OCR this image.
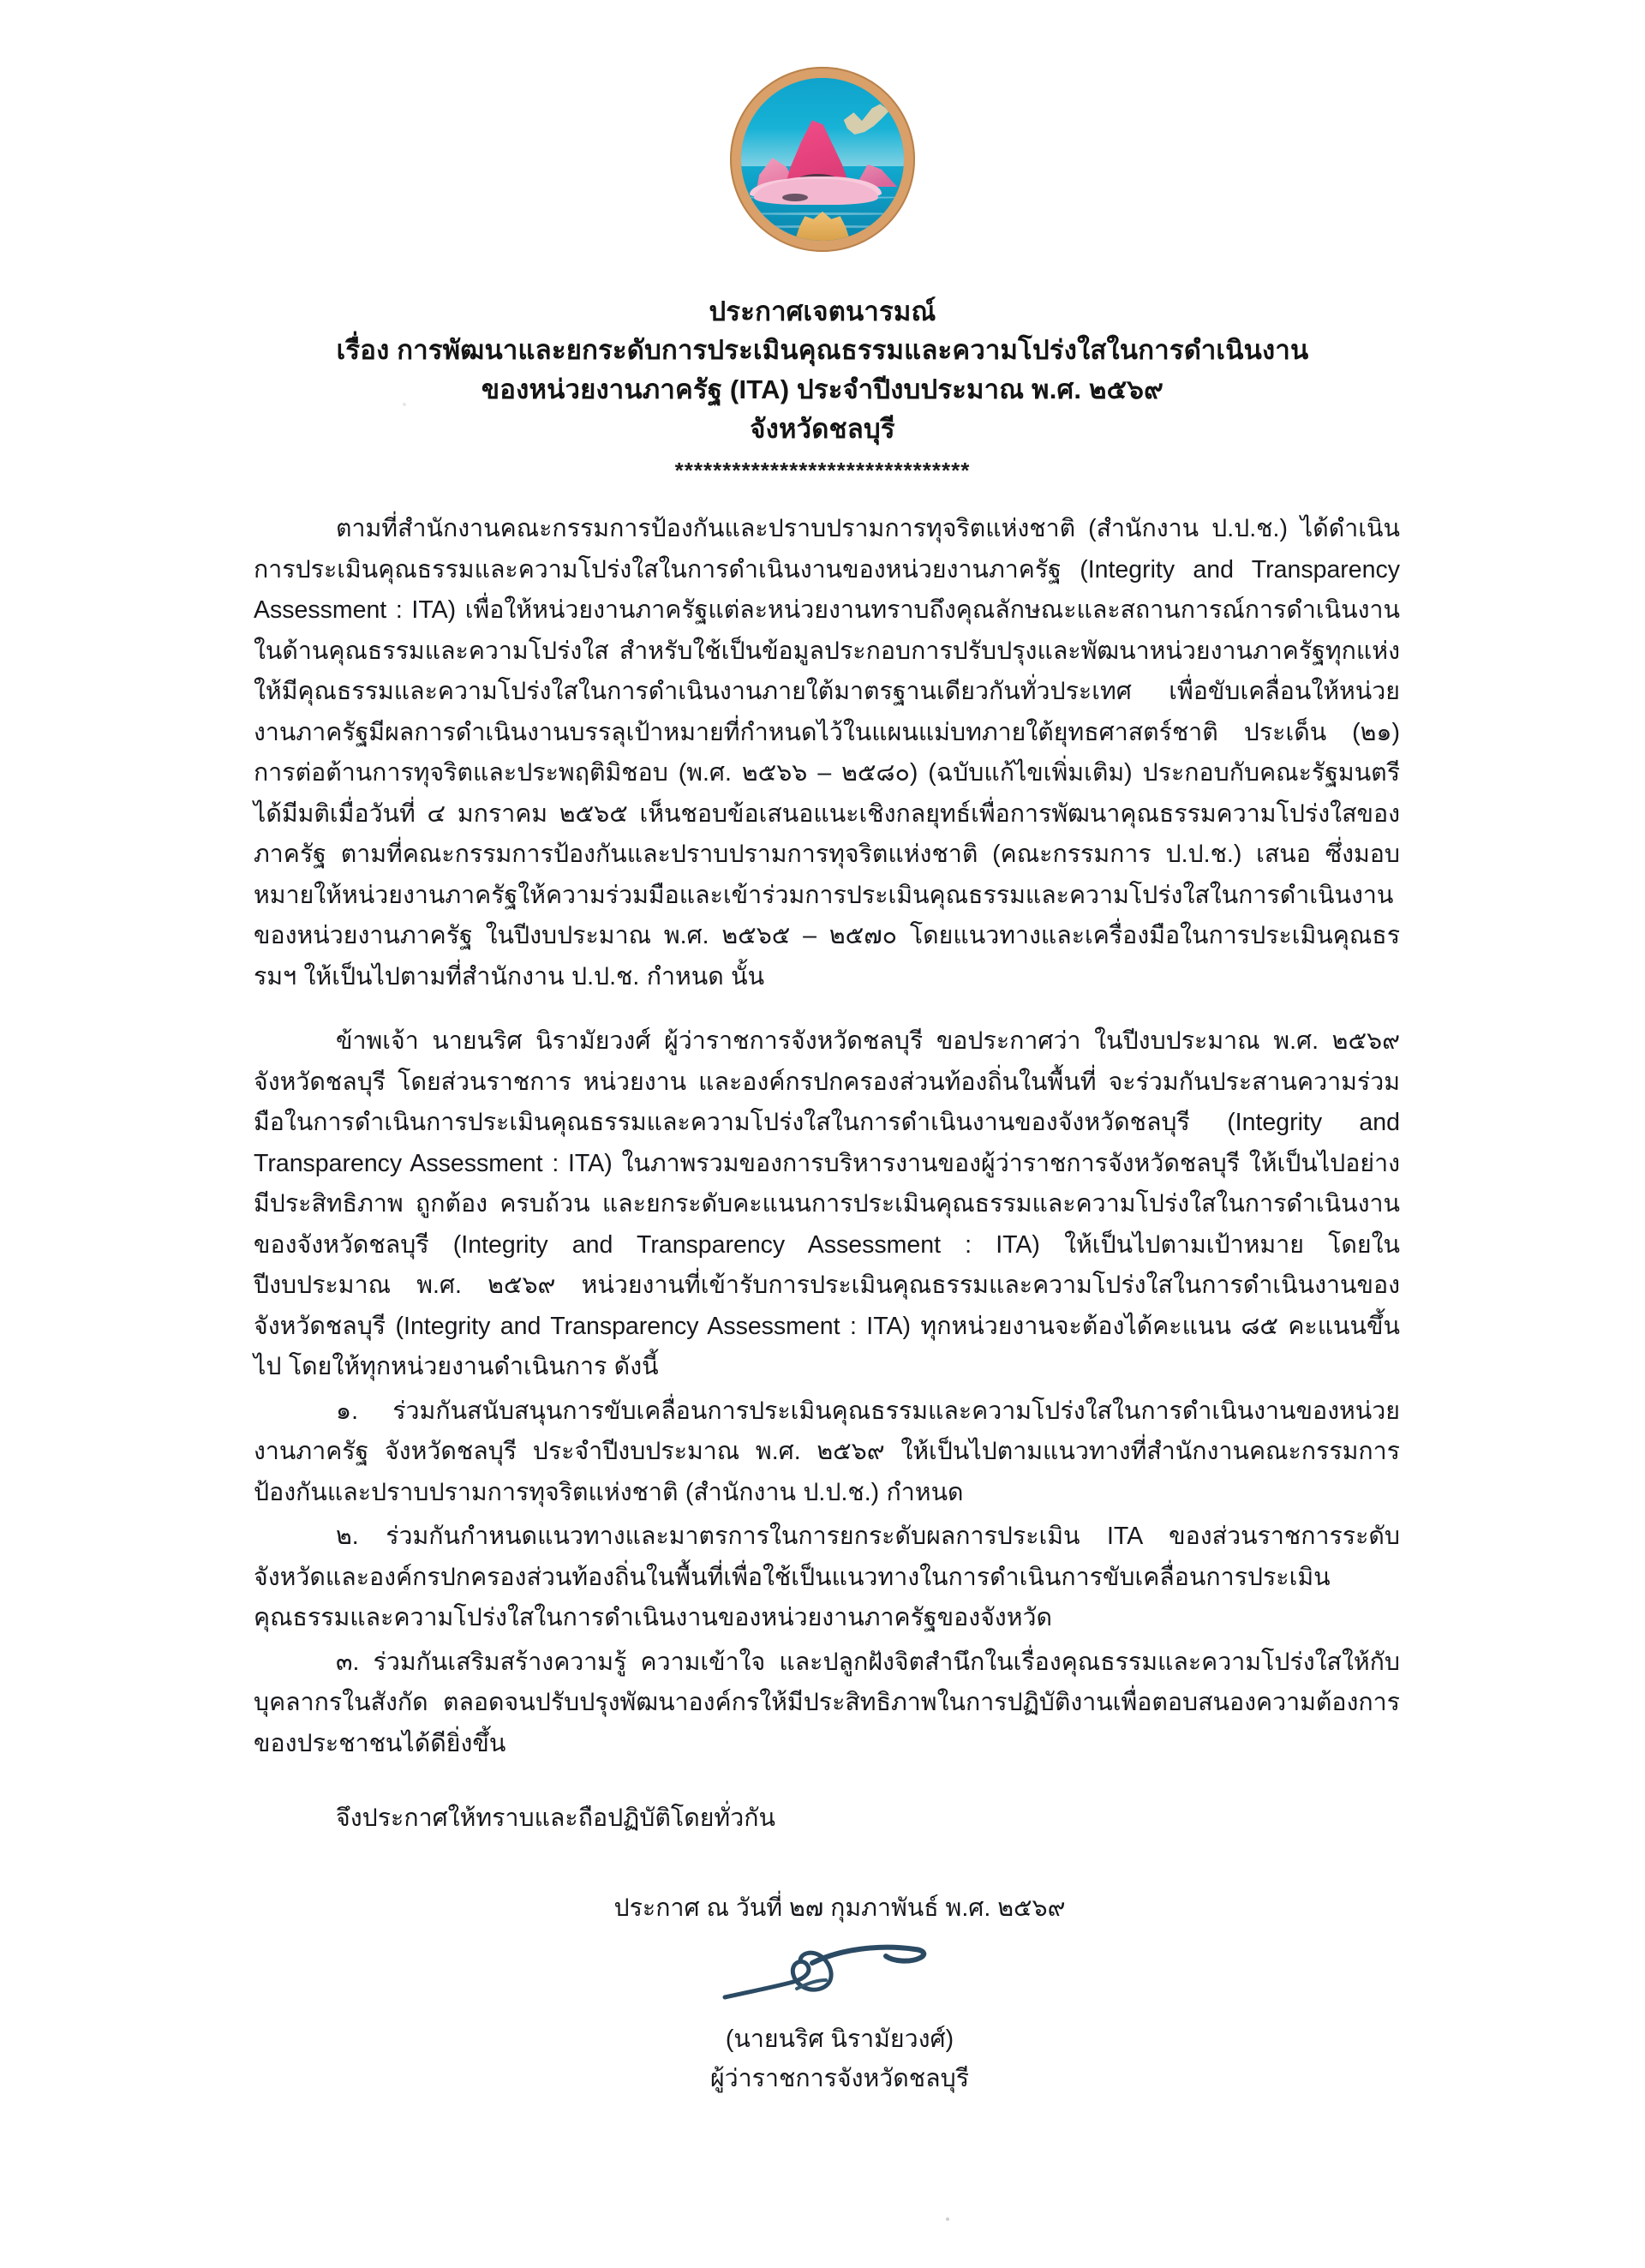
ประกาศเจตนารมณ์
เรื่อง การพัฒนาและยกระดับการประเมินคุณธรรมและความโปร่งใสในการดำเนินงาน
ของหน่วยงานภาครัฐ (ITA) ประจำปีงบประมาณ พ.ศ. ๒๕๖๙
จังหวัดชลบุรี
*******************************

ตามที่สำนักงานคณะกรรมการป้องกันและปราบปรามการทุจริตแห่งชาติ (สำนักงาน ป.ป.ช.) ได้ดำเนินการประเมินคุณธรรมและความโปร่งใสในการดำเนินงานของหน่วยงานภาครัฐ (Integrity and Transparency Assessment : ITA) เพื่อให้หน่วยงานภาครัฐแต่ละหน่วยงานทราบถึงคุณลักษณะและสถานการณ์การดำเนินงานในด้านคุณธรรมและความโปร่งใส สำหรับใช้เป็นข้อมูลประกอบการปรับปรุงและพัฒนาหน่วยงานภาครัฐทุกแห่ง ให้มีคุณธรรมและความโปร่งใสในการดำเนินงานภายใต้มาตรฐานเดียวกันทั่วประเทศ เพื่อขับเคลื่อนให้หน่วยงานภาครัฐมีผลการดำเนินงานบรรลุเป้าหมายที่กำหนดไว้ในแผนแม่บทภายใต้ยุทธศาสตร์ชาติ ประเด็น (๒๑) การต่อต้านการทุจริตและประพฤติมิชอบ (พ.ศ. ๒๕๖๖ – ๒๕๘๐) (ฉบับแก้ไขเพิ่มเติม) ประกอบกับคณะรัฐมนตรีได้มีมติเมื่อวันที่ ๔ มกราคม ๒๕๖๕ เห็นชอบข้อเสนอแนะเชิงกลยุทธ์เพื่อการพัฒนาคุณธรรมความโปร่งใสของภาครัฐ ตามที่คณะกรรมการป้องกันและปราบปรามการทุจริตแห่งชาติ (คณะกรรมการ ป.ป.ช.) เสนอ ซึ่งมอบหมายให้หน่วยงานภาครัฐให้ความร่วมมือและเข้าร่วมการประเมินคุณธรรมและความโปร่งใสในการดำเนินงานของหน่วยงานภาครัฐ ในปีงบประมาณ พ.ศ. ๒๕๖๕ – ๒๕๗๐ โดยแนวทางและเครื่องมือในการประเมินคุณธรรมฯ ให้เป็นไปตามที่สำนักงาน ป.ป.ช. กำหนด นั้น

ข้าพเจ้า นายนริศ นิรามัยวงศ์ ผู้ว่าราชการจังหวัดชลบุรี ขอประกาศว่า ในปีงบประมาณ พ.ศ. ๒๕๖๙ จังหวัดชลบุรี โดยส่วนราชการ หน่วยงาน และองค์กรปกครองส่วนท้องถิ่นในพื้นที่ จะร่วมกันประสานความร่วมมือในการดำเนินการประเมินคุณธรรมและความโปร่งใสในการดำเนินงานของจังหวัดชลบุรี (Integrity and Transparency Assessment : ITA) ในภาพรวมของการบริหารงานของผู้ว่าราชการจังหวัดชลบุรี ให้เป็นไปอย่างมีประสิทธิภาพ ถูกต้อง ครบถ้วน และยกระดับคะแนนการประเมินคุณธรรมและความโปร่งใสในการดำเนินงานของจังหวัดชลบุรี (Integrity and Transparency Assessment : ITA) ให้เป็นไปตามเป้าหมาย โดยในปีงบประมาณ พ.ศ. ๒๕๖๙ หน่วยงานที่เข้ารับการประเมินคุณธรรมและความโปร่งใสในการดำเนินงานของจังหวัดชลบุรี (Integrity and Transparency Assessment : ITA) ทุกหน่วยงานจะต้องได้คะแนน ๘๕ คะแนนขึ้นไป โดยให้ทุกหน่วยงานดำเนินการ ดังนี้

๑. ร่วมกันสนับสนุนการขับเคลื่อนการประเมินคุณธรรมและความโปร่งใสในการดำเนินงานของหน่วยงานภาครัฐ จังหวัดชลบุรี ประจำปีงบประมาณ พ.ศ. ๒๕๖๙ ให้เป็นไปตามแนวทางที่สำนักงานคณะกรรมการป้องกันและปราบปรามการทุจริตแห่งชาติ (สำนักงาน ป.ป.ช.) กำหนด

๒. ร่วมกันกำหนดแนวทางและมาตรการในการยกระดับผลการประเมิน ITA ของส่วนราชการระดับจังหวัดและองค์กรปกครองส่วนท้องถิ่นในพื้นที่เพื่อใช้เป็นแนวทางในการดำเนินการขับเคลื่อนการประเมินคุณธรรมและความโปร่งใสในการดำเนินงานของหน่วยงานภาครัฐของจังหวัด

๓. ร่วมกันเสริมสร้างความรู้ ความเข้าใจ และปลูกฝังจิตสำนึกในเรื่องคุณธรรมและความโปร่งใสให้กับบุคลากรในสังกัด ตลอดจนปรับปรุงพัฒนาองค์กรให้มีประสิทธิภาพในการปฏิบัติงานเพื่อตอบสนองความต้องการของประชาชนได้ดียิ่งขึ้น

จึงประกาศให้ทราบและถือปฏิบัติโดยทั่วกัน
ประกาศ ณ วันที่ ๒๗ กุมภาพันธ์ พ.ศ. ๒๕๖๙
(นายนริศ นิรามัยวงศ์)
ผู้ว่าราชการจังหวัดชลบุรี
